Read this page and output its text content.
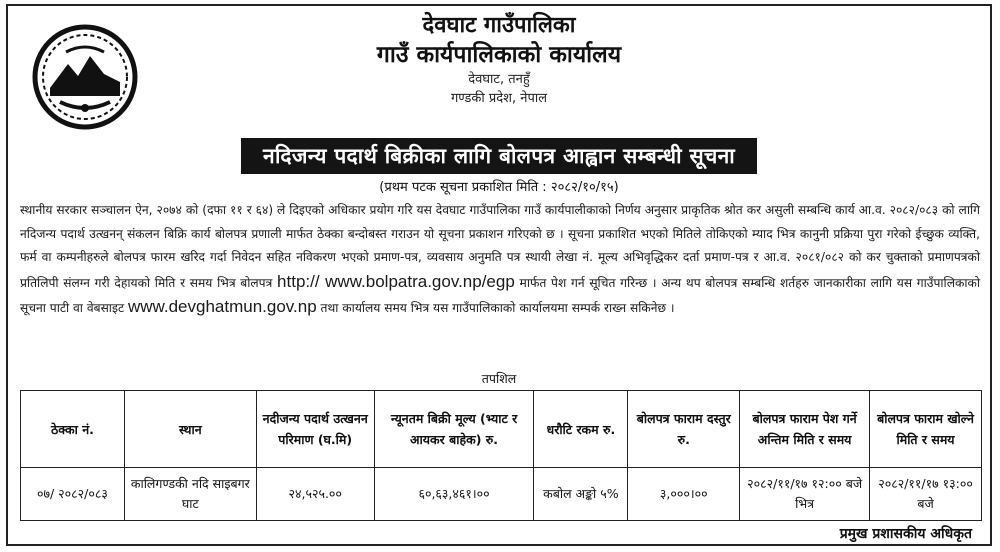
देवघाट गाउँपालिका
गाउँ कार्यपालिकाको कार्यालय
देवघाट, तनहुँ
गण्डकी प्रदेश, नेपाल
नदिजन्य पदार्थ बिक्रीका लागि बोलपत्र आह्वान सम्बन्धी सूचना
(प्रथम पटक सूचना प्रकाशित मिति : २०८२/१०/१५)
स्थानीय सरकार सञ्चालन ऐन, २०७४ को (दफा ११ र ६४) ले दिइएको अधिकार प्रयोग गरि यस देवघाट गाउँपालिका गाउँ कार्यपालीकाको निर्णय अनुसार प्राकृतिक श्रोत कर असुली सम्बन्धि कार्य आ.व. २०८२/०८३ को लागि नदिजन्य पदार्थ उत्खनन् संकलन बिक्रि कार्य बोलपत्र प्रणाली मार्फत ठेक्का बन्दोबस्त गराउन यो सूचना प्रकाशन गरिएको छ । सूचना प्रकाशित भएको मितिले तोकिएको म्याद भित्र कानुनी प्रक्रिया पुरा गरेको ईच्छुक व्यक्ति, फर्म वा कम्पनीहरुले बोलपत्र फारम खरिद गर्दा निवेदन सहित नविकरण भएको प्रमाण-पत्र, व्यवसाय अनुमति पत्र स्थायी लेखा नं. मूल्य अभिवृद्धिकर दर्ता प्रमाण-पत्र र आ.व. २०८१/०८२ को कर चुक्ताको प्रमाणपत्रको प्रतिलिपी संलग्न गरी देहायको मिति र समय भित्र बोलपत्र http:// www.bolpatra.gov.np/egp मार्फत पेश गर्न सूचित गरिन्छ । अन्य थप बोलपत्र सम्बन्धि शर्तहरु जानकारीका लागि यस गाउँपालिकाको सूचना पाटी वा वेबसाइट www.devghatmun.gov.np तथा कार्यालय समय भित्र यस गाउँपालिकाको कार्यालयमा सम्पर्क राख्न सकिनेछ ।
तपशिल
ठेक्का नं.	स्थान	नदीजन्य पदार्थ उत्खनन परिमाण (घ.मि)	न्यूनतम बिक्री मूल्य (भ्याट र आयकर बाहेक) रु.	धरौटि रकम रु.	बोलपत्र फाराम दस्तुर रु.	बोलपत्र फाराम पेश गर्ने अन्तिम मिति र समय	बोलपत्र फाराम खोल्ने मिति र समय
०७/ २०८२/०८३	कालिगण्डकी नदि साइबगर घाट	२४,५२५.००	६०,६३,४६१।००	कबोल अङ्को ५%	३,०००।००	२०८२/११/१७ १२:०० बजे भित्र	२०८२/११/१७ १३:०० बजे
प्रमुख प्रशासकीय अधिकृत
